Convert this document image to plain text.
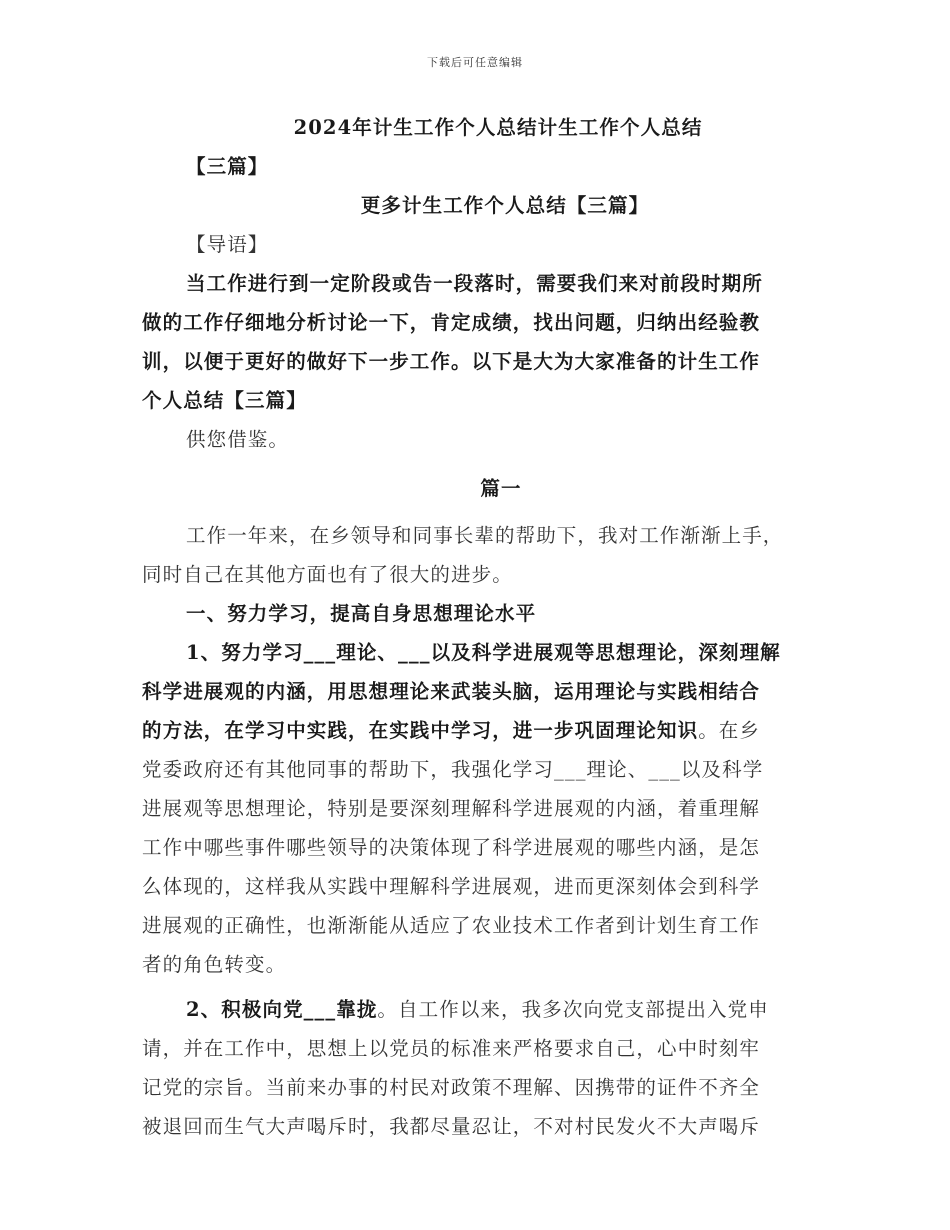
下载后可任意编辑
2024年计生工作个人总结计生工作个人总结
【三篇】
更多计生工作个人总结【三篇】
【导语】
当工作进行到一定阶段或告一段落时，需要我们来对前段时期所
做的工作仔细地分析讨论一下，肯定成绩，找出问题，归纳出经验教
训，以便于更好的做好下一步工作。以下是大为大家准备的计生工作
个人总结【三篇】
供您借鉴。
篇一
工作一年来，在乡领导和同事长辈的帮助下，我对工作渐渐上手，
同时自己在其他方面也有了很大的进步。
一、努力学习，提高自身思想理论水平
1、努力学习___理论、___以及科学进展观等思想理论，深刻理解
科学进展观的内涵，用思想理论来武装头脑，运用理论与实践相结合
的方法，在学习中实践，在实践中学习，进一步巩固理论知识。在乡
党委政府还有其他同事的帮助下，我强化学习___理论、___以及科学
进展观等思想理论，特别是要深刻理解科学进展观的内涵，着重理解
工作中哪些事件哪些领导的决策体现了科学进展观的哪些内涵，是怎
么体现的，这样我从实践中理解科学进展观，进而更深刻体会到科学
进展观的正确性，也渐渐能从适应了农业技术工作者到计划生育工作
者的角色转变。
2、积极向党___靠拢。自工作以来，我多次向党支部提出入党申
请，并在工作中，思想上以党员的标准来严格要求自己，心中时刻牢
记党的宗旨。当前来办事的村民对政策不理解、因携带的证件不齐全
被退回而生气大声喝斥时，我都尽量忍让，不对村民发火不大声喝斥
